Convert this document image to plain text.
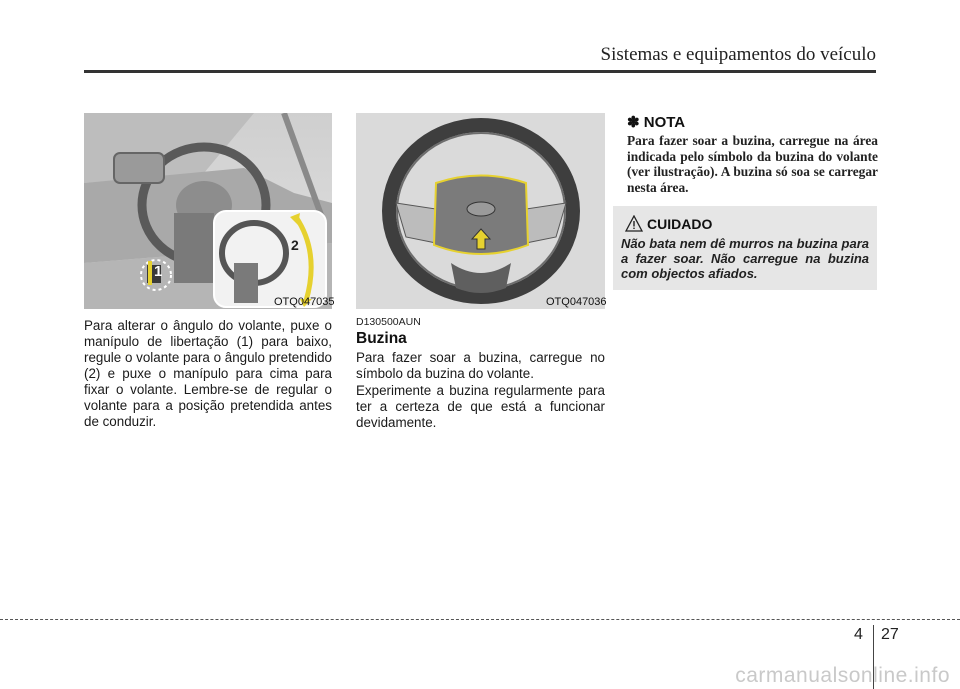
Sistemas e equipamentos do veículo
1
2
OTQ047035	OTQ047036

Para alterar o ângulo do volante, puxe o manípulo de libertação (1) para baixo, regule o volante para o ângulo pretendido (2) e puxe o manípulo para cima para fixar o volante. Lembre-se de regular o volante para a posição pretendida antes de conduzir.

D130500AUN
Buzina

Para fazer soar a buzina, carregue no símbolo da buzina do volante.

Experimente a buzina regularmente para ter a certeza de que está a funcionar devidamente.

✽ NOTA

Para fazer soar a buzina, carregue na área indicada pelo símbolo da buzina do volante (ver ilustração). A buzina só soa se carregar nesta área.

CUIDADO

Não bata nem dê murros na buzina para a fazer soar. Não carregue na buzina com objectos afiados.

4 27
carmanualsonline.info
